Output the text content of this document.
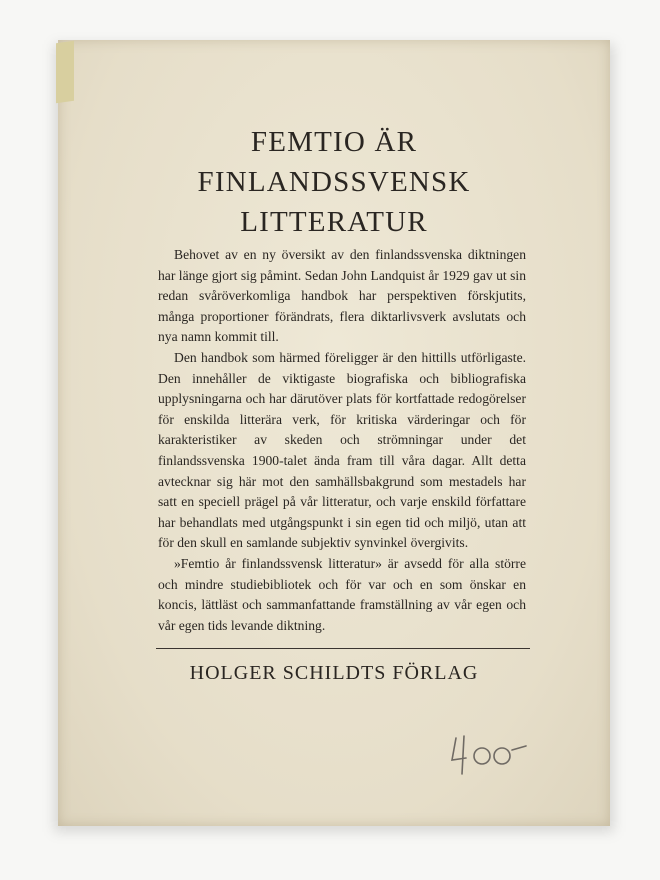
FEMTIO ÄR
FINLANDSSVENSK
LITTERATUR

Behovet av en ny översikt av den finlandssvenska diktningen har länge gjort sig påmint. Sedan John Landquist år 1929 gav ut sin redan svåröverkomliga handbok har perspektiven förskjutits, många proportioner förändrats, flera diktarlivsverk avslutats och nya namn kommit till.

Den handbok som härmed föreligger är den hittills utförligaste. Den innehåller de viktigaste biografiska och bibliografiska upplysningarna och har därutöver plats för kortfattade redogörelser för enskilda litterära verk, för kritiska värderingar och för karakteristiker av skeden och strömningar under det finlandssvenska 1900-talet ända fram till våra dagar. Allt detta avtecknar sig här mot den samhällsbakgrund som mestadels har satt en speciell prägel på vår litteratur, och varje enskild författare har behandlats med utgångspunkt i sin egen tid och miljö, utan att för den skull en samlande subjektiv synvinkel övergivits.

»Femtio år finlandssvensk litteratur» är avsedd för alla större och mindre studiebibliotek och för var och en som önskar en koncis, lättläst och sammanfattande framställning av vår egen och vår egen tids levande diktning.

HOLGER SCHILDTS FÖRLAG
